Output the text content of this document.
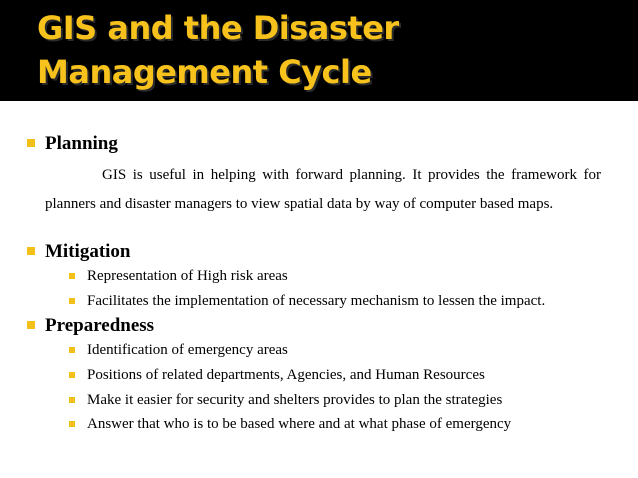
GIS and the Disaster Management Cycle
Planning

GIS is useful in helping with forward planning. It provides the framework for planners and disaster managers to view spatial data by way of computer based maps.

Mitigation
Representation of High risk areas
Facilitates the implementation of necessary mechanism to lessen the impact.
Preparedness
Identification of emergency areas
Positions of related departments, Agencies, and Human Resources
Make it easier for security and shelters provides to plan the strategies
Answer that who is to be based where and at what phase of emergency
